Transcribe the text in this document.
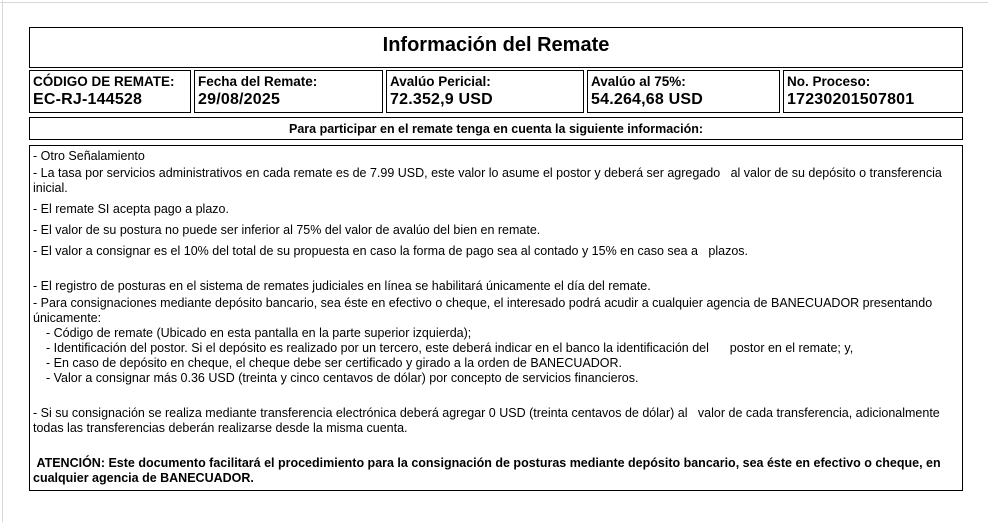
Información del Remate
CÓDIGO DE REMATE:
EC-RJ-144528
Fecha del Remate:
29/08/2025
Avalúo Pericial:
72.352,9 USD
Avalúo al 75%:
54.264,68 USD
No. Proceso:
17230201507801
Para participar en el remate tenga en cuenta la siguiente información:
- Otro Señalamiento
- La tasa por servicios administrativos en cada remate es de 7.99 USD, este valor lo asume el postor y deberá ser agregado   al valor de su depósito o transferencia inicial.
- El remate SI acepta pago a plazo.
- El valor de su postura no puede ser inferior al 75% del valor de avalúo del bien en remate.
- El valor a consignar es el 10% del total de su propuesta en caso la forma de pago sea al contado y 15% en caso sea a   plazos.
- El registro de posturas en el sistema de remates judiciales en línea se habilitará únicamente el día del remate.
- Para consignaciones mediante depósito bancario, sea éste en efectivo o cheque, el interesado podrá acudir a cualquier agencia de BANECUADOR presentando únicamente:
- Código de remate (Ubicado en esta pantalla en la parte superior izquierda);
- Identificación del postor. Si el depósito es realizado por un tercero, este deberá indicar en el banco la identificación del      postor en el remate; y,
- En caso de depósito en cheque, el cheque debe ser certificado y girado a la orden de BANECUADOR.
- Valor a consignar más 0.36 USD (treinta y cinco centavos de dólar) por concepto de servicios financieros.
- Si su consignación se realiza mediante transferencia electrónica deberá agregar 0 USD (treinta centavos de dólar) al   valor de cada transferencia, adicionalmente todas las transferencias deberán realizarse desde la misma cuenta.
ATENCIÓN: Este documento facilitará el procedimiento para la consignación de posturas mediante depósito bancario, sea éste en efectivo o cheque, en cualquier agencia de BANECUADOR.
